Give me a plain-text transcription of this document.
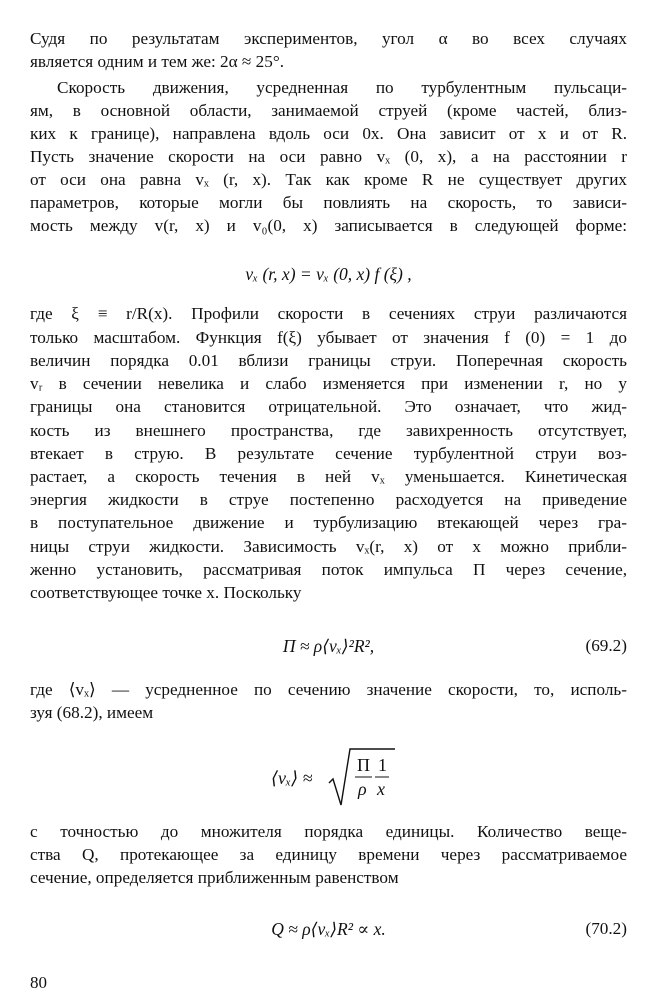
Судя по результатам экспериментов, угол α во всех случаях
является одним и тем же: 2α ≈ 25°.
Скорость движения, усредненная по турбулентным пульсаци-
ям, в основной области, занимаемой струей (кроме частей, близ-
ких к границе), направлена вдоль оси 0x. Она зависит от x и от R.
Пусть значение скорости на оси равно vₓ (0, x), а на расстоянии r
от оси она равна vₓ (r, x). Так как кроме R не существует других
параметров, которые могли бы повлиять на скорость, то зависи-
мость между v(r, x) и v₀(0, x) записывается в следующей форме:
vₓ (r, x) = vₓ (0, x) f (ξ) ,
где ξ ≡ r/R(x). Профили скорости в сечениях струи различаются
только масштабом. Функция f(ξ) убывает от значения f (0) = 1 до
величин порядка 0.01 вблизи границы струи. Поперечная скорость
vᵣ в сечении невелика и слабо изменяется при изменении r, но у
границы она становится отрицательной. Это означает, что жид-
кость из внешнего пространства, где завихренность отсутствует,
втекает в струю. В результате сечение турбулентной струи воз-
растает, а скорость течения в ней vₓ уменьшается. Кинетическая
энергия жидкости в струе постепенно расходуется на приведение
в поступательное движение и турбулизацию втекающей через гра-
ницы струи жидкости. Зависимость vₓ(r, x) от x можно прибли-
женно установить, рассматривая поток импульса Π через сечение,
соответствующее точке x. Поскольку
Π ≈ ρ⟨vₓ⟩²R²,	(69.2)
где ⟨vₓ⟩ — усредненное по сечению значение скорости, то, исполь-
зуя (68.2), имеем
⟨vₓ⟩ ≈
Π
ρ
1
x
с точностью до множителя порядка единицы. Количество веще-
ства Q, протекающее за единицу времени через рассматриваемое
сечение, определяется приближенным равенством
Q ≈ ρ⟨vₓ⟩R² ∝ x.	(70.2)
80
